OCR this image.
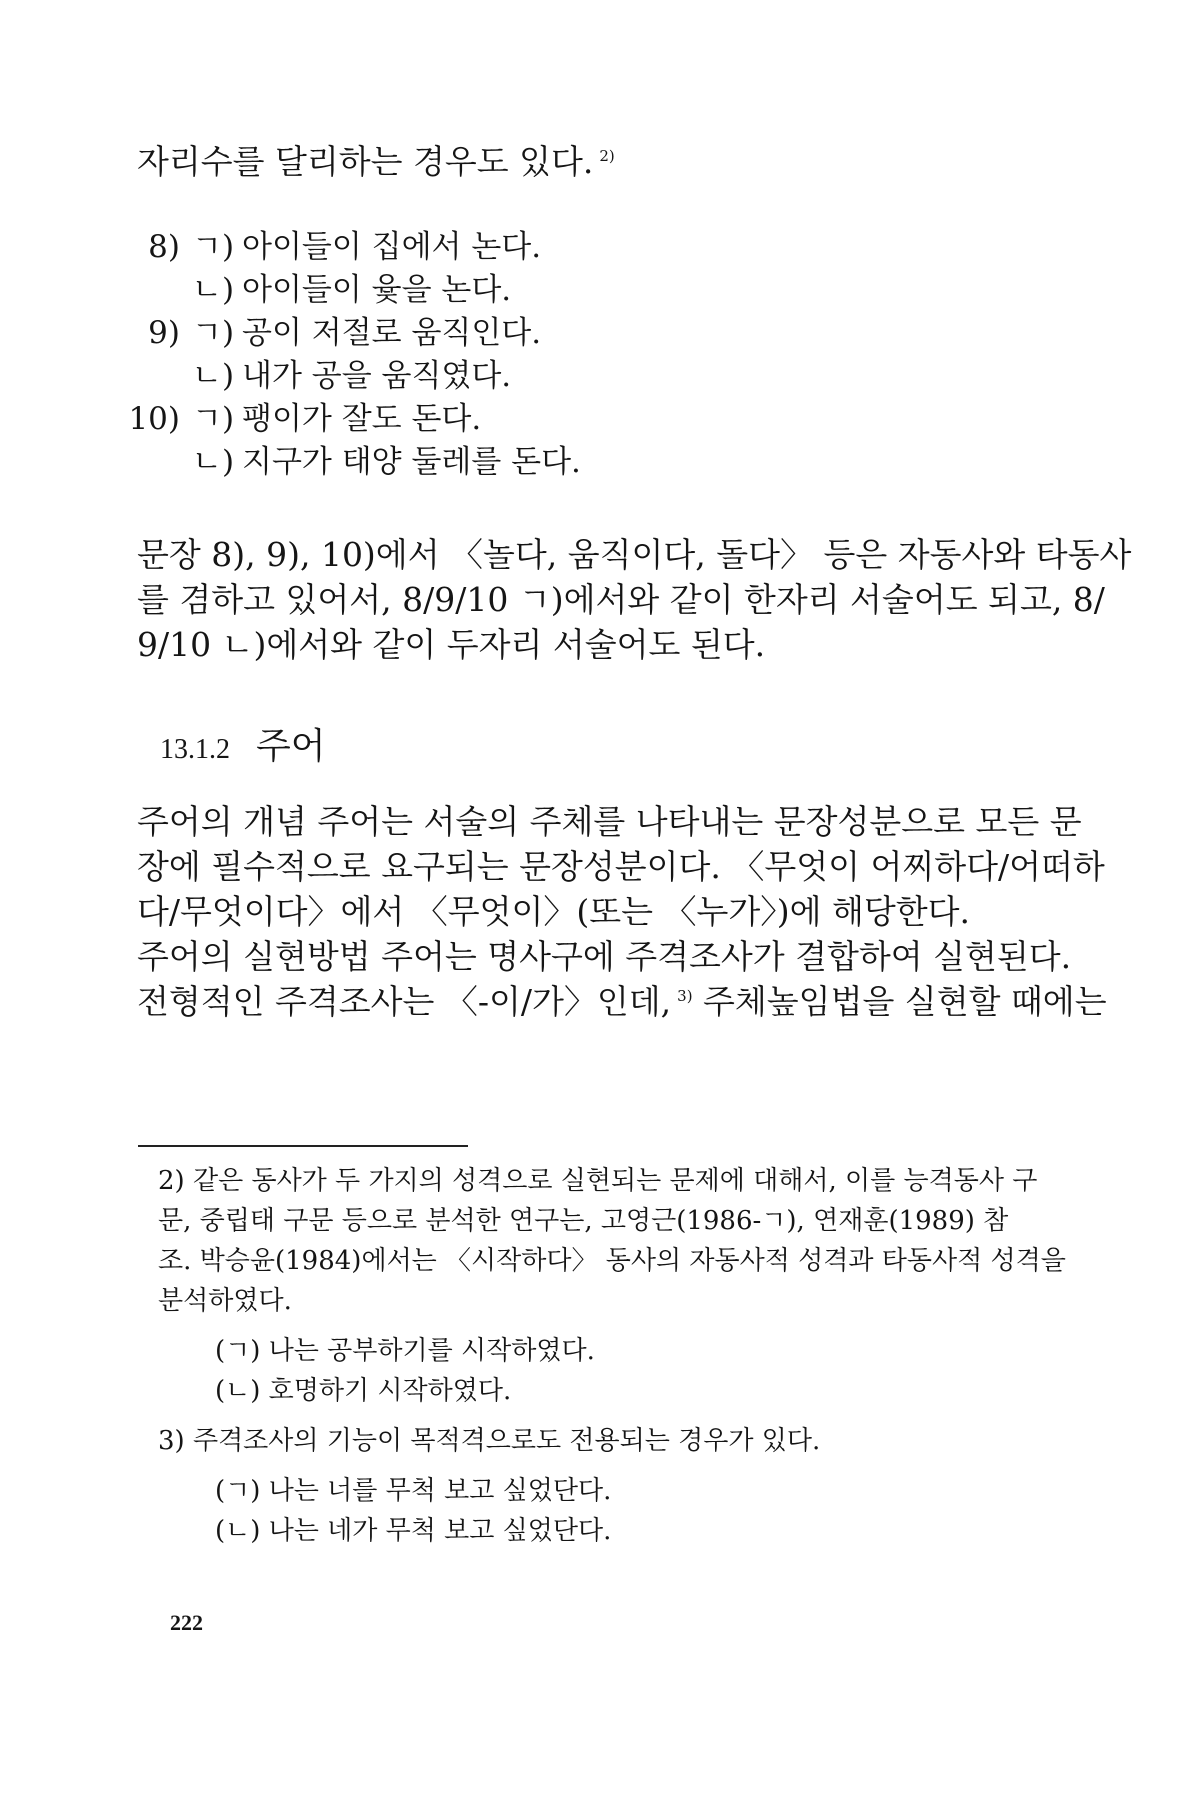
자리수를 달리하는 경우도 있다. $^{2)}$
8) ㄱ) 아이들이 집에서 논다.
ㄴ) 아이들이 윷을 논다.
9) ㄱ) 공이 저절로 움직인다.
ㄴ) 내가 공을 움직였다.
10) ㄱ) 팽이가 잘도 돈다.
ㄴ) 지구가 태양 둘레를 돈다.
문장 8), 9), 10)에서 〈놀다, 움직이다, 돌다〉 등은 자동사와 타동사
를 겸하고 있어서, 8/9/10 ㄱ)에서와 같이 한자리 서술어도 되고, 8/
9/10 ㄴ)에서와 같이 두자리 서술어도 된다.
13.1.2 주어
주어의 개념 주어는 서술의 주체를 나타내는 문장성분으로 모든 문
장에 필수적으로 요구되는 문장성분이다. 〈무엇이 어찌하다/어떠하
다/무엇이다〉에서 〈무엇이〉(또는 〈누가〉)에 해당한다.
주어의 실현방법 주어는 명사구에 주격조사가 결합하여 실현된다.
전형적인 주격조사는 〈-이/가〉인데, $^{3)}$ 주체높임법을 실현할 때에는
2) 같은 동사가 두 가지의 성격으로 실현되는 문제에 대해서, 이를 능격동사 구
문, 중립태 구문 등으로 분석한 연구는, 고영근(1986-ㄱ), 연재훈(1989) 참
조. 박승윤(1984)에서는 〈시작하다〉 동사의 자동사적 성격과 타동사적 성격을
분석하였다.
(ㄱ) 나는 공부하기를 시작하였다.
(ㄴ) 호명하기 시작하였다.
3) 주격조사의 기능이 목적격으로도 전용되는 경우가 있다.
(ㄱ) 나는 너를 무척 보고 싶었단다.
(ㄴ) 나는 네가 무척 보고 싶었단다.
222
